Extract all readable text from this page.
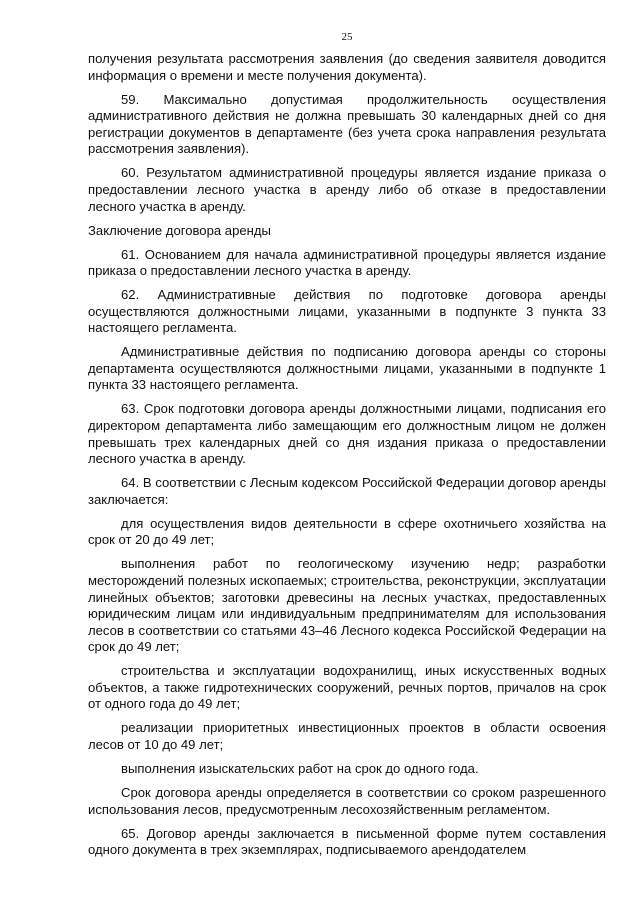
25

получения результата рассмотрения заявления (до сведения заявителя доводится информация о времени и месте получения документа).

59. Максимально допустимая продолжительность осуществления административного действия не должна превышать 30 календарных дней со дня регистрации документов в департаменте (без учета срока направления результата рассмотрения заявления).

60. Результатом административной процедуры является издание приказа о предоставлении лесного участка в аренду либо об отказе в предоставлении лесного участка в аренду.

Заключение договора аренды

61. Основанием для начала административной процедуры является издание приказа о предоставлении лесного участка в аренду.

62. Административные действия по подготовке договора аренды осуществляются должностными лицами, указанными в подпункте 3 пункта 33 настоящего регламента.

Административные действия по подписанию договора аренды со стороны департамента осуществляются должностными лицами, указанными в подпункте 1 пункта 33 настоящего регламента.

63. Срок подготовки договора аренды должностными лицами, подписания его директором департамента либо замещающим его должностным лицом не должен превышать трех календарных дней со дня издания приказа о предоставлении лесного участка в аренду.

64. В соответствии с Лесным кодексом Российской Федерации договор аренды заключается:

для осуществления видов деятельности в сфере охотничьего хозяйства на срок от 20 до 49 лет;

выполнения работ по геологическому изучению недр; разработки месторождений полезных ископаемых; строительства, реконструкции, эксплуатации линейных объектов; заготовки древесины на лесных участках, предоставленных юридическим лицам или индивидуальным предпринимателям для использования лесов в соответствии со статьями 43–46 Лесного кодекса Российской Федерации на срок до 49 лет;

строительства и эксплуатации водохранилищ, иных искусственных водных объектов, а также гидротехнических сооружений, речных портов, причалов на срок от одного года до 49 лет;

реализации приоритетных инвестиционных проектов в области освоения лесов от 10 до 49 лет;

выполнения изыскательских работ на срок до одного года.

Срок договора аренды определяется в соответствии со сроком разрешенного использования лесов, предусмотренным лесохозяйственным регламентом.

65. Договор аренды заключается в письменной форме путем составления одного документа в трех экземплярах, подписываемого арендодателем
